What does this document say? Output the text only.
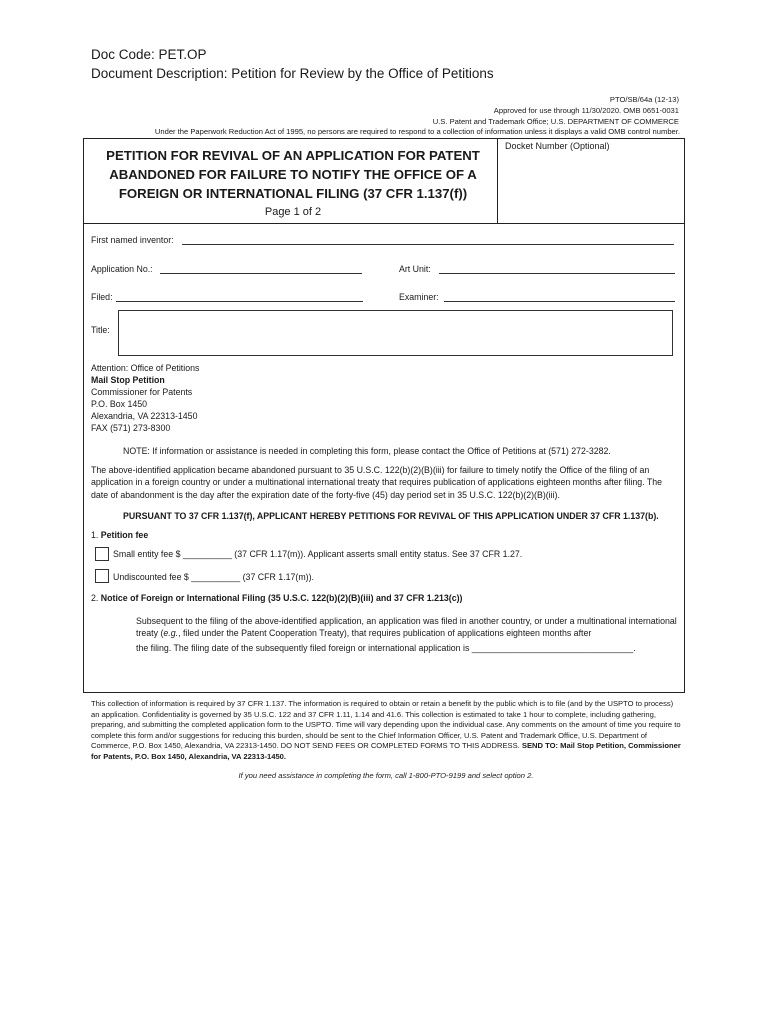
Doc Code: PET.OP
Document Description: Petition for Review by the Office of Petitions
PTO/SB/64a (12-13)
Approved for use through 11/30/2020. OMB 0651-0031
U.S. Patent and Trademark Office; U.S. DEPARTMENT OF COMMERCE
Under the Paperwork Reduction Act of 1995, no persons are required to respond to a collection of information unless it displays a valid OMB control number.
PETITION FOR REVIVAL OF AN APPLICATION FOR PATENT
ABANDONED FOR FAILURE TO NOTIFY THE OFFICE OF A
FOREIGN OR INTERNATIONAL FILING (37 CFR 1.137(f))
Page 1 of 2
Docket Number (Optional)
First named inventor:
Application No.:	Art Unit:
Filed:	Examiner:
Title:
Attention: Office of Petitions
Mail Stop Petition
Commissioner for Patents
P.O. Box 1450
Alexandria, VA 22313-1450
FAX (571) 273-8300
NOTE: If information or assistance is needed in completing this form, please contact the Office of Petitions at (571) 272-3282.
The above-identified application became abandoned pursuant to 35 U.S.C. 122(b)(2)(B)(iii) for failure to timely notify the Office of the filing of an application in a foreign country or under a multinational international treaty that requires publication of applications eighteen months after filing. The date of abandonment is the day after the expiration date of the forty-five (45) day period set in 35 U.S.C. 122(b)(2)(B)(iii).
PURSUANT TO 37 CFR 1.137(f), APPLICANT HEREBY PETITIONS FOR REVIVAL OF THIS APPLICATION UNDER 37 CFR 1.137(b).
1. Petition fee
Small entity fee $ __________ (37 CFR 1.17(m)). Applicant asserts small entity status. See 37 CFR 1.27.
Undiscounted fee $ __________ (37 CFR 1.17(m)).
2. Notice of Foreign or International Filing (35 U.S.C. 122(b)(2)(B)(iii) and 37 CFR 1.213(c))
Subsequent to the filing of the above-identified application, an application was filed in another country, or under a multinational international treaty (e.g., filed under the Patent Cooperation Treaty), that requires publication of applications eighteen months after
the filing. The filing date of the subsequently filed foreign or international application is _________________________________.
This collection of information is required by 37 CFR 1.137. The information is required to obtain or retain a benefit by the public which is to file (and by the USPTO to process) an application. Confidentiality is governed by 35 U.S.C. 122 and 37 CFR 1.11, 1.14 and 41.6. This collection is estimated to take 1 hour to complete, including gathering, preparing, and submitting the completed application form to the USPTO. Time will vary depending upon the individual case. Any comments on the amount of time you require to complete this form and/or suggestions for reducing this burden, should be sent to the Chief Information Officer, U.S. Patent and Trademark Office, U.S. Department of Commerce, P.O. Box 1450, Alexandria, VA 22313-1450. DO NOT SEND FEES OR COMPLETED FORMS TO THIS ADDRESS. SEND TO: Mail Stop Petition, Commissioner for Patents, P.O. Box 1450, Alexandria, VA 22313-1450.
If you need assistance in completing the form, call 1-800-PTO-9199 and select option 2.
